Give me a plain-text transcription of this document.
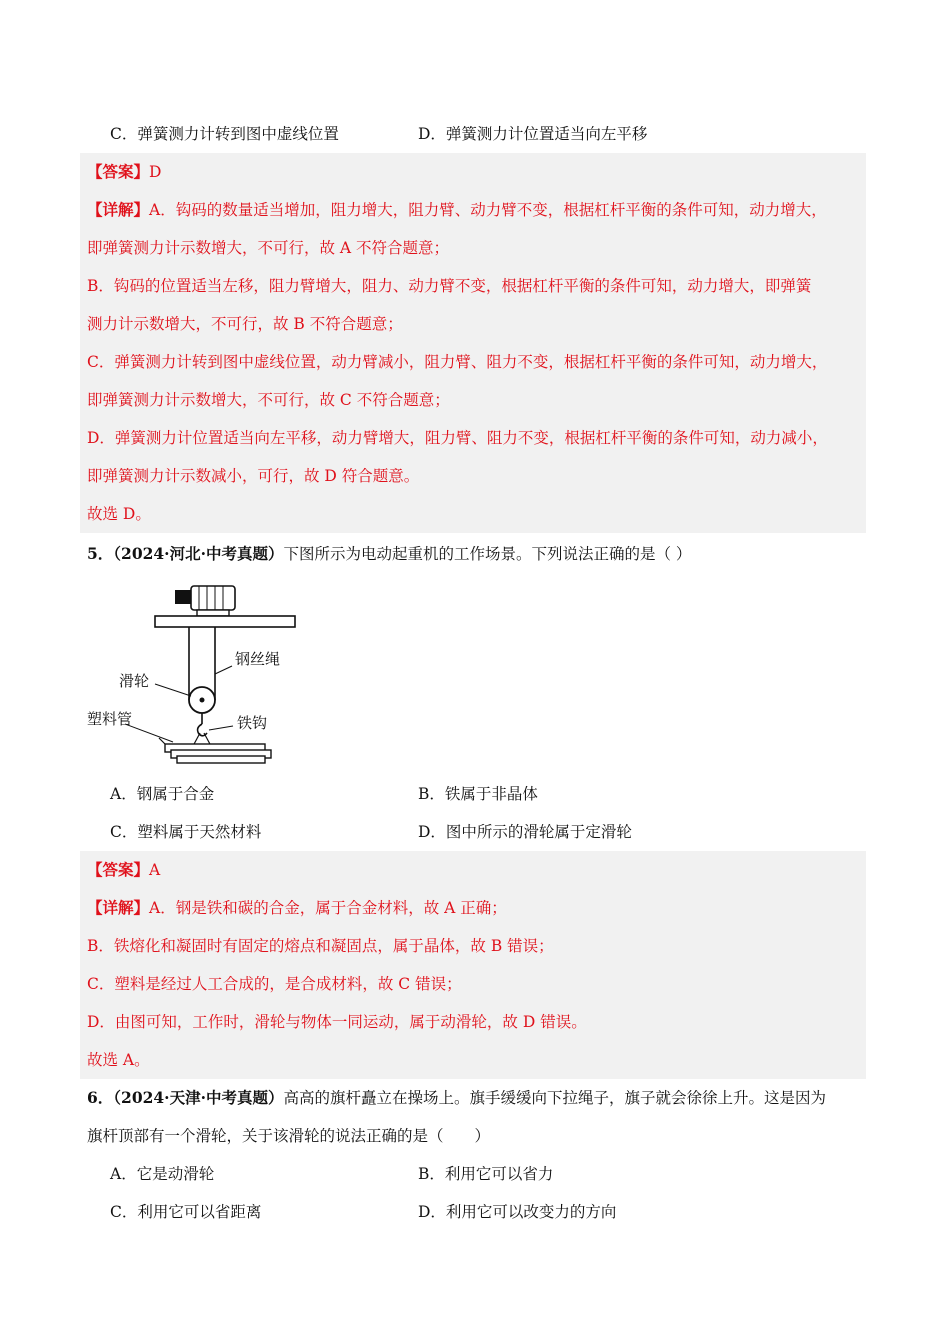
C．弹簧测力计转到图中虚线位置	D．弹簧测力计位置适当向左平移
【答案】D
【详解】A．钩码的数量适当增加，阻力增大，阻力臂、动力臂不变，根据杠杆平衡的条件可知，动力增大，
即弹簧测力计示数增大，不可行，故 A 不符合题意；
B．钩码的位置适当左移，阻力臂增大，阻力、动力臂不变，根据杠杆平衡的条件可知，动力增大，即弹簧
测力计示数增大，不可行，故 B 不符合题意；
C．弹簧测力计转到图中虚线位置，动力臂减小，阻力臂、阻力不变，根据杠杆平衡的条件可知，动力增大，
即弹簧测力计示数增大，不可行，故 C 不符合题意；
D．弹簧测力计位置适当向左平移，动力臂增大，阻力臂、阻力不变，根据杠杆平衡的条件可知，动力减小，
即弹簧测力计示数减小，可行，故 D 符合题意。
故选 D。
5．（2024·河北·中考真题）下图所示为电动起重机的工作场景。下列说法正确的是（ ）
钢丝绳
滑轮
塑料管	铁钩
A．钢属于合金	B．铁属于非晶体
C．塑料属于天然材料	D．图中所示的滑轮属于定滑轮
【答案】A
【详解】A．钢是铁和碳的合金，属于合金材料，故 A 正确；
B．铁熔化和凝固时有固定的熔点和凝固点，属于晶体，故 B 错误；
C．塑料是经过人工合成的，是合成材料，故 C 错误；
D．由图可知，工作时，滑轮与物体一同运动，属于动滑轮，故 D 错误。
故选 A。
6．（2024·天津·中考真题）高高的旗杆矗立在操场上。旗手缓缓向下拉绳子，旗子就会徐徐上升。这是因为
旗杆顶部有一个滑轮，关于该滑轮的说法正确的是（　　）
A．它是动滑轮	B．利用它可以省力
C．利用它可以省距离	D．利用它可以改变力的方向
